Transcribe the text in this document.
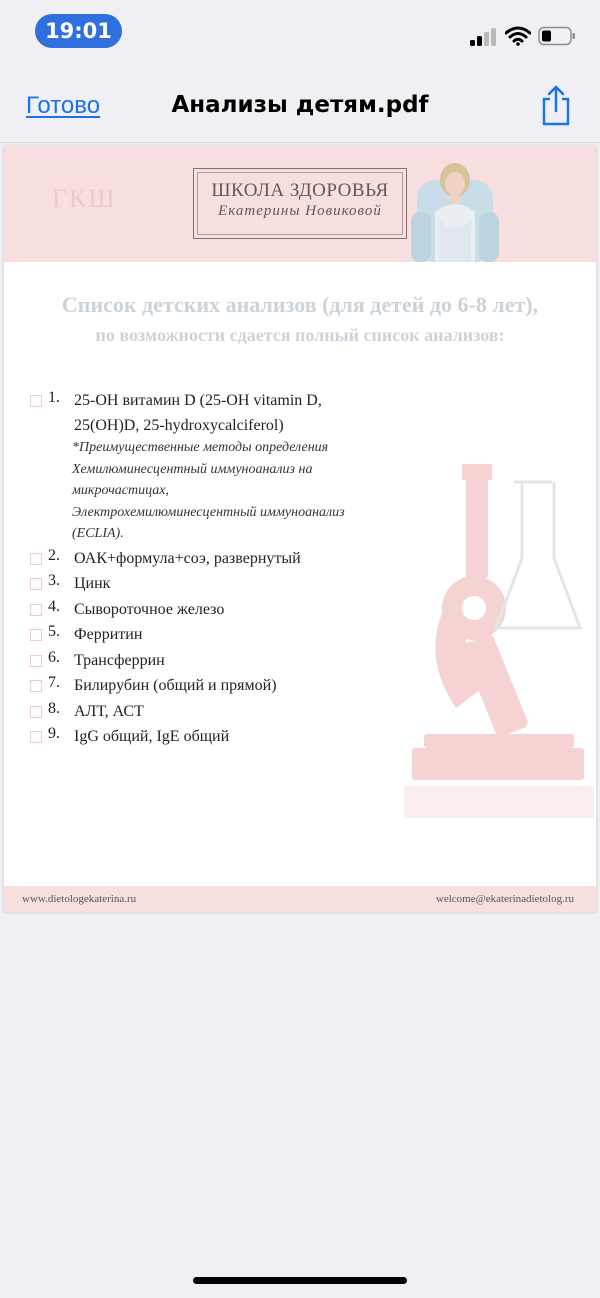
19:01
Готово	Анализы детям.pdf
ГКШ	ШКОЛА ЗДОРОВЬЯ
Екатерины Новиковой
Список детских анализов (для детей до 6-8 лет),
по возможности сдается полный список анализов:
1. 25-ОН витамин D (25-OH vitamin D,
25(OH)D, 25-hydroxycalciferol)
*Преимущественные методы определения
Хемилюминесцентный иммуноанализ на
микрочастицах,
Электрохемилюминесцентный иммуноанализ
(ECLIA).
2. ОАК+формула+соэ, развернутый
3. Цинк
4. Сывороточное железо
5. Ферритин
6. Трансферрин
7. Билирубин (общий и прямой)
8. АЛТ, АСТ
9. IgG общий, IgE общий
www.dietologekaterina.ru	welcome@ekaterinadietolog.ru
